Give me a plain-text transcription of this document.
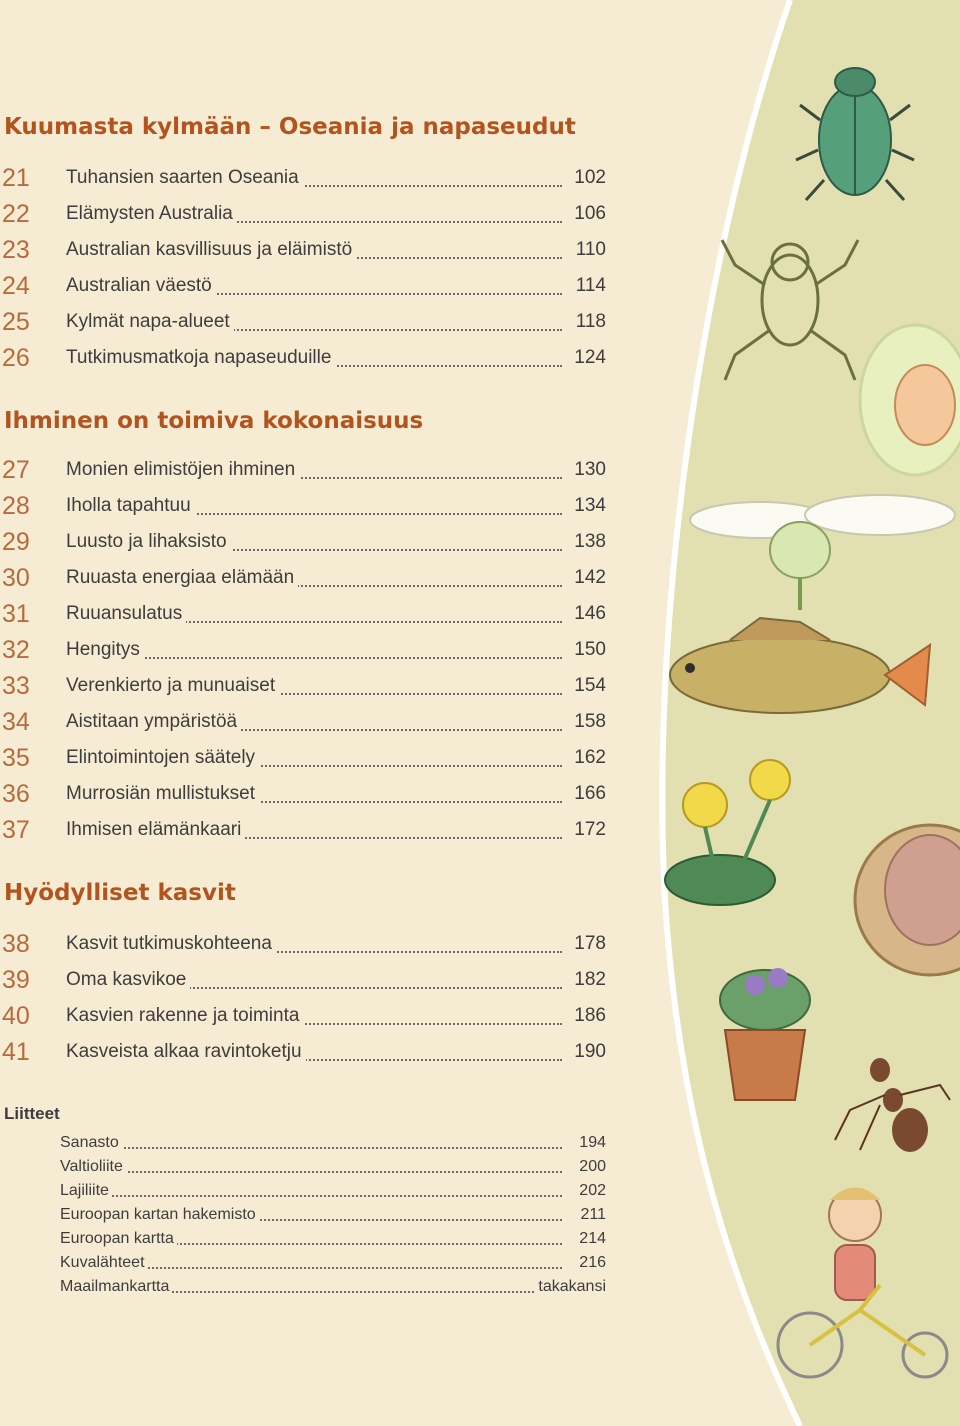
Kuumasta kylmään – Oseania ja napaseudut
21 Tuhansien saarten Oseania	102
22 Elämysten Australia	106
23 Australian kasvillisuus ja eläimistö	110
24 Australian väestö	114
25 Kylmät napa-alueet	118
26 Tutkimusmatkoja napaseuduille	124
Ihminen on toimiva kokonaisuus
27 Monien elimistöjen ihminen	130
28 Iholla tapahtuu	134
29 Luusto ja lihaksisto	138
30 Ruuasta energiaa elämään	142
31 Ruuansulatus	146
32 Hengitys	150
33 Verenkierto ja munuaiset	154
34 Aistitaan ympäristöä	158
35 Elintoimintojen säätely	162
36 Murrosiän mullistukset	166
37 Ihmisen elämänkaari	172
Hyödylliset kasvit
38 Kasvit tutkimuskohteena	178
39 Oma kasvikoe	182
40 Kasvien rakenne ja toiminta	186
41 Kasveista alkaa ravintoketju	190
Liitteet
Sanasto	194
Valtioliite	200
Lajiliite	202
Euroopan kartan hakemisto	211
Euroopan kartta	214
Kuvalähteet	216
Maailmankartta	takakansi
